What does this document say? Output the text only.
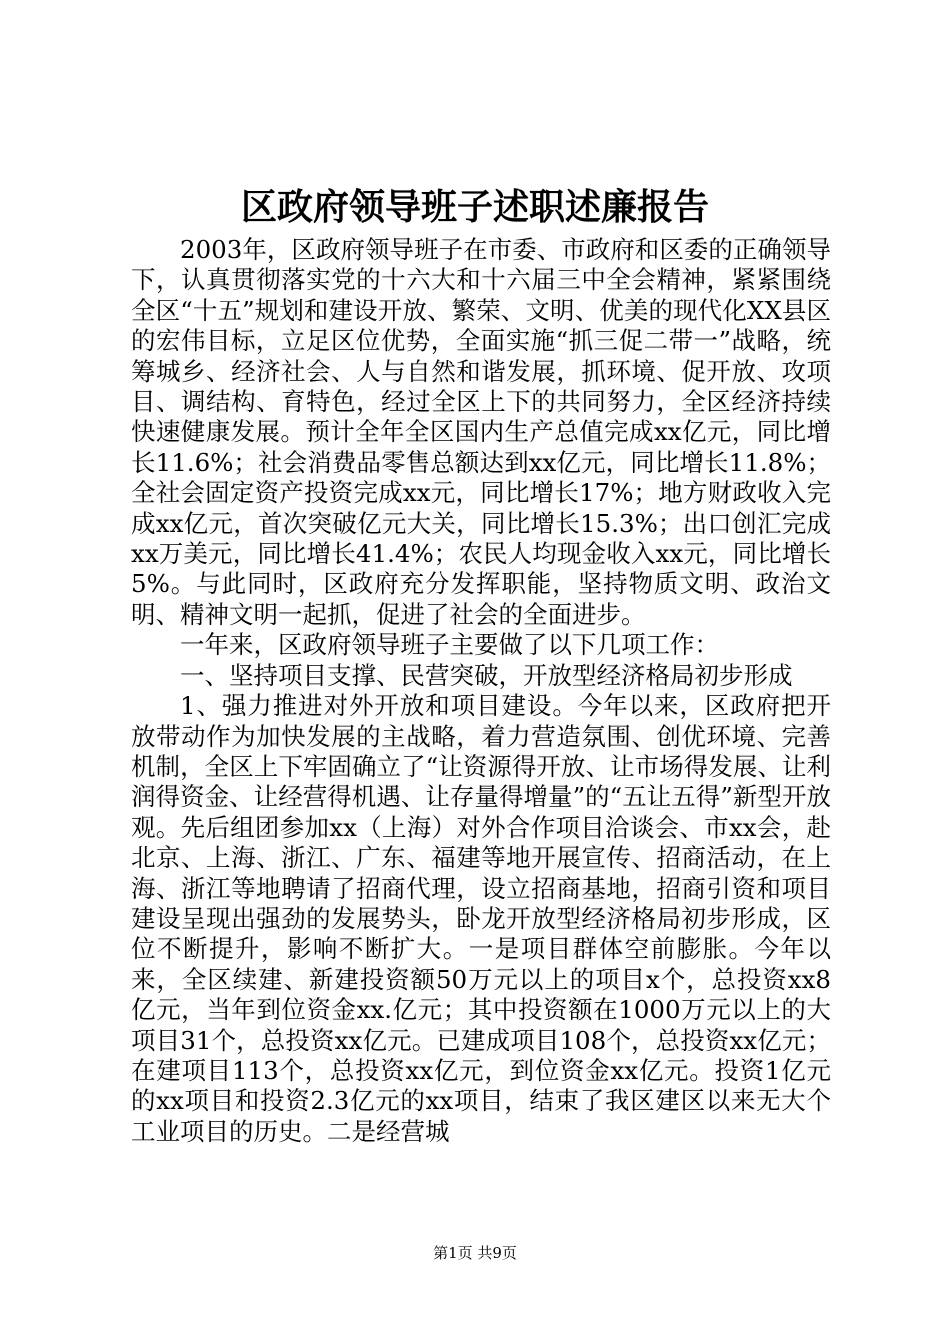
区政府领导班子述职述廉报告

2003年，区政府领导班子在市委、市政府和区委的正确领导下，认真贯彻落实党的十六大和十六届三中全会精神，紧紧围绕全区“十五”规划和建设开放、繁荣、文明、优美的现代化XX县区的宏伟目标，立足区位优势，全面实施“抓三促二带一”战略，统筹城乡、经济社会、人与自然和谐发展，抓环境、促开放、攻项目、调结构、育特色，经过全区上下的共同努力，全区经济持续快速健康发展。预计全年全区国内生产总值完成xx亿元，同比增长11.6%；社会消费品零售总额达到xx亿元，同比增长11.8%；全社会固定资产投资完成xx元，同比增长17%；地方财政收入完成xx亿元，首次突破亿元大关，同比增长15.3%；出口创汇完成xx万美元，同比增长41.4%；农民人均现金收入xx元，同比增长5%。与此同时，区政府充分发挥职能，坚持物质文明、政治文明、精神文明一起抓，促进了社会的全面进步。

一年来，区政府领导班子主要做了以下几项工作：

一、坚持项目支撑、民营突破，开放型经济格局初步形成

1、强力推进对外开放和项目建设。今年以来，区政府把开放带动作为加快发展的主战略，着力营造氛围、创优环境、完善机制，全区上下牢固确立了“让资源得开放、让市场得发展、让利润得资金、让经营得机遇、让存量得增量”的“五让五得”新型开放观。先后组团参加xx（上海）对外合作项目洽谈会、市xx会，赴北京、上海、浙江、广东、福建等地开展宣传、招商活动，在上海、浙江等地聘请了招商代理，设立招商基地，招商引资和项目建设呈现出强劲的发展势头，卧龙开放型经济格局初步形成，区位不断提升，影响不断扩大。一是项目群体空前膨胀。今年以来，全区续建、新建投资额50万元以上的项目x个，总投资xx8亿元，当年到位资金xx.亿元；其中投资额在1000万元以上的大项目31个，总投资xx亿元。已建成项目108个，总投资xx亿元；在建项目113个，总投资xx亿元，到位资金xx亿元。投资1亿元的xx项目和投资2.3亿元的xx项目，结束了我区建区以来无大个工业项目的历史。二是经营城

第1页 共9页
